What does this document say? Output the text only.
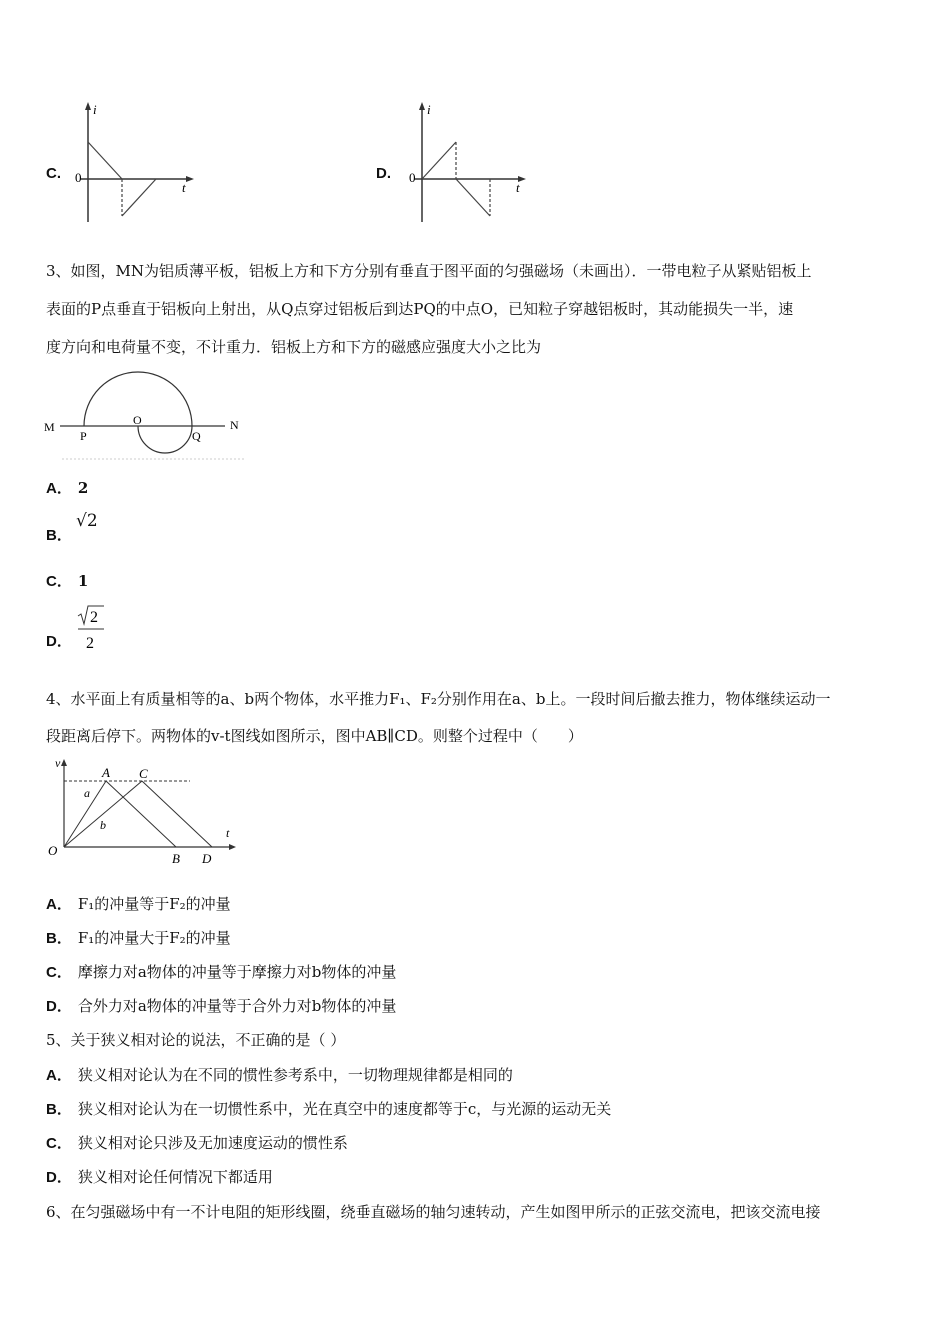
C.
i
t
0	D.
i
t
0
3、如图，MN为铝质薄平板，铝板上方和下方分别有垂直于图平面的匀强磁场（未画出）．一带电粒子从紧贴铝板上
表面的P点垂直于铝板向上射出，从Q点穿过铝板后到达PQ的中点O，已知粒子穿越铝板时，其动能损失一半，速
度方向和电荷量不变，不计重力．铝板上方和下方的磁感应强度大小之比为
M	N
P	Q
O
A． 2
B．
√2
C． 1
D．
2
2
4、水平面上有质量相等的a、b两个物体，水平推力F₁、F₂分别作用在a、b上。一段时间后撤去推力，物体继续运动一
段距离后停下。两物体的v-t图线如图所示，图中AB∥CD。则整个过程中（　　）
v
t
O
A C
B D
a
b
A． F₁的冲量等于F₂的冲量
B． F₁的冲量大于F₂的冲量
C． 摩擦力对a物体的冲量等于摩擦力对b物体的冲量
D． 合外力对a物体的冲量等于合外力对b物体的冲量
5、关于狭义相对论的说法，不正确的是（ ）
A． 狭义相对论认为在不同的惯性参考系中，一切物理规律都是相同的
B． 狭义相对论认为在一切惯性系中，光在真空中的速度都等于c，与光源的运动无关
C． 狭义相对论只涉及无加速度运动的惯性系
D． 狭义相对论任何情况下都适用
6、在匀强磁场中有一不计电阻的矩形线圈，绕垂直磁场的轴匀速转动，产生如图甲所示的正弦交流电，把该交流电接
